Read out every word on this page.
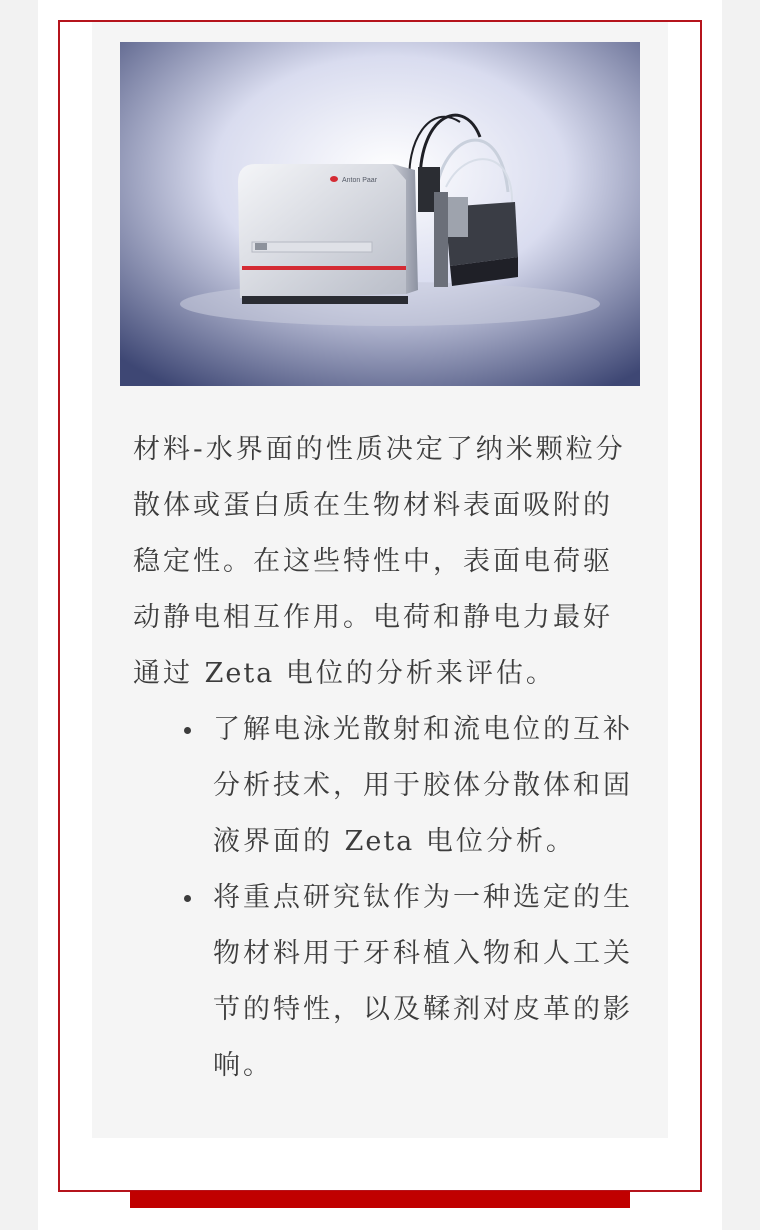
Anton Paar
材料-水界面的性质决定了纳米颗粒分散体或蛋白质在生物材料表面吸附的稳定性。在这些特性中，表面电荷驱动静电相互作用。电荷和静电力最好通过 Zeta 电位的分析来评估。
了解电泳光散射和流电位的互补分析技术，用于胶体分散体和固液界面的 Zeta 电位分析。
将重点研究钛作为一种选定的生物材料用于牙科植入物和人工关节的特性，以及鞣剂对皮革的影响。
